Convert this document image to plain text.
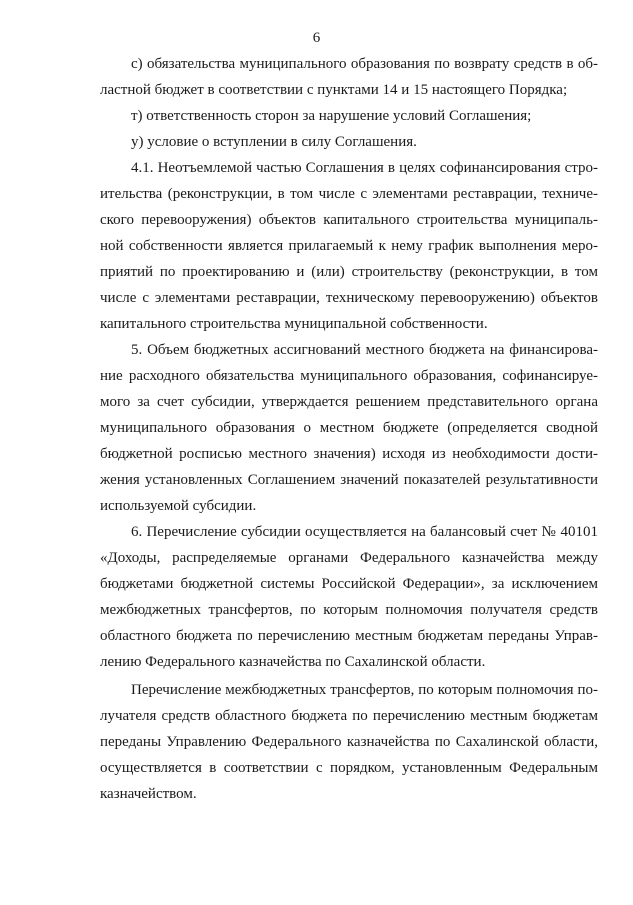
6
с) обязательства муниципального образования по возврату средств в об-
ластной бюджет в соответствии с пунктами 14 и 15 настоящего Порядка;
т) ответственность сторон за нарушение условий Соглашения;
у) условие о вступлении в силу Соглашения.
4.1. Неотъемлемой частью Соглашения в целях софинансирования стро-
ительства (реконструкции, в том числе с элементами реставрации, техниче-
ского перевооружения) объектов капитального строительства муниципаль-
ной собственности является прилагаемый к нему график выполнения меро-
приятий по проектированию и (или) строительству (реконструкции, в том
числе с элементами реставрации, техническому перевооружению) объектов
капитального строительства муниципальной собственности.
5. Объем бюджетных ассигнований местного бюджета на финансирова-
ние расходного обязательства муниципального образования, софинансируе-
мого за счет субсидии, утверждается решением представительного органа
муниципального образования о местном бюджете (определяется сводной
бюджетной росписью местного значения) исходя из необходимости дости-
жения установленных Соглашением значений показателей результативности
используемой субсидии.
6. Перечисление субсидии осуществляется на балансовый счет № 40101
«Доходы, распределяемые органами Федерального казначейства между
бюджетами бюджетной системы Российской Федерации», за исключением
межбюджетных трансфертов, по которым полномочия получателя средств
областного бюджета по перечислению местным бюджетам переданы Управ-
лению Федерального казначейства по Сахалинской области.
Перечисление межбюджетных трансфертов, по которым полномочия по-
лучателя средств областного бюджета по перечислению местным бюджетам
переданы Управлению Федерального казначейства по Сахалинской области,
осуществляется в соответствии с порядком, установленным Федеральным
казначейством.
